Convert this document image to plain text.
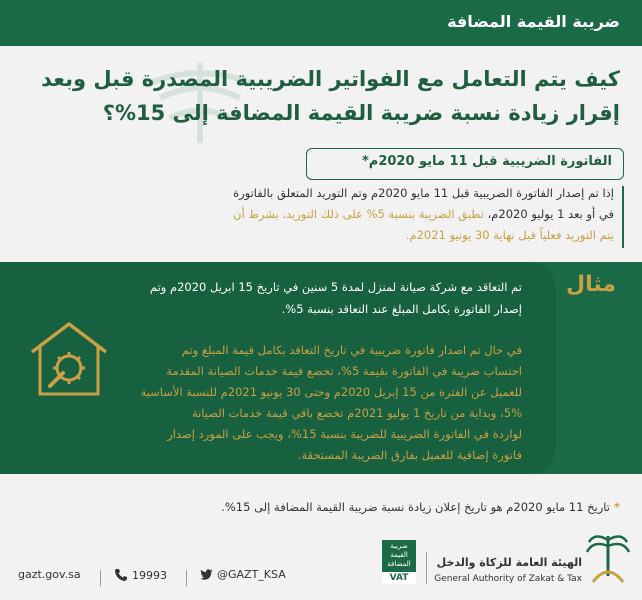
ضريبة القيمة المضافة
كيف يتم التعامل مع الفواتير الضريبية المصدرة قبل وبعد
إقرار زيادة نسبة ضريبة القيمة المضافة إلى 15%؟
الفاتورة الضريبية قبل 11 مايو 2020م*
إذا تم إصدار الفاتورة الضريبية قبل 11 مايو 2020م وتم التوريد المتعلق بالفاتورة
في أو بعد 1 يوليو 2020م، تطبق الضريبة بنسبة 5% على ذلك التوريد، بشرط أن
يتم التوريد فعلياً قبل نهاية 30 يونيو 2021م.
مثال
تم التعاقد مع شركة صيانة لمنزل لمدة 5 سنين في تاريخ 15 ابريل 2020م وتم
إصدار الفاتورة بكامل المبلغ عند التعاقد بنسبة 5%.
في حال تم اصدار فاتورة ضريبية في تاريخ التعاقد بكامل قيمة المبلغ وتم
احتساب ضريبة في الفاتورة بقيمة 5%، تخضع قيمة خدمات الصيانة المقدمة
للعميل عن الفترة من 15 إبريل 2020م وحتى 30 يونيو 2021م للنسبة الأساسية
5%، وبداية من تاريخ 1 يوليو 2021م تخضع باقي قيمة خدمات الصيانة
لواردة في الفاتورة الضريبية للضريبة بنسبة 15%، ويجب على المورد إصدار
فاتورة إضافية للعميل بفارق الضريبة المستحقة.
*تاريخ 11 مايو 2020م هو تاريخ إعلان زيادة نسبة ضريبة القيمة المضافة إلى 15%.
gazt.gov.sa	19993	@GAZT_KSA
ضريبة
القيمة
المضافة
VAT
الهيئة العامة للزكاة والدخل
General Authority of Zakat & Tax
